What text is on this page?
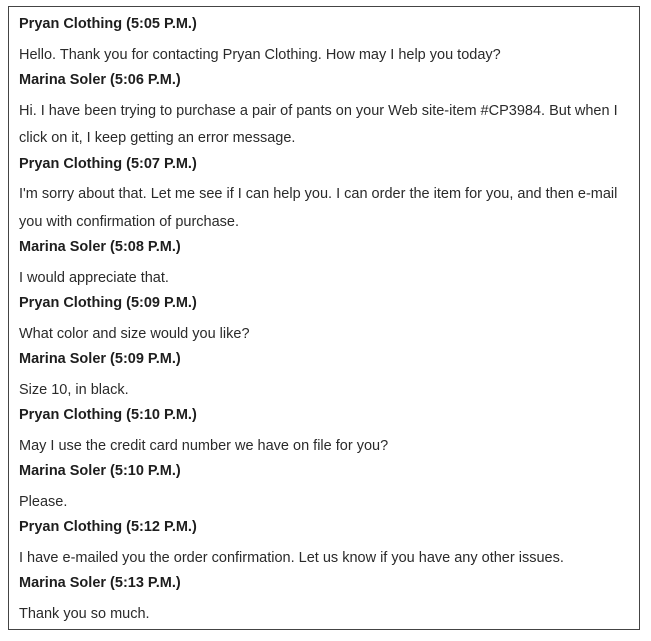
Pryan Clothing (5:05 P.M.)
Hello. Thank you for contacting Pryan Clothing. How may I help you today?
Marina Soler (5:06 P.M.)
Hi. I have been trying to purchase a pair of pants on your Web site-item #CP3984. But when I click on it, I keep getting an error message.
Pryan Clothing (5:07 P.M.)
I'm sorry about that. Let me see if I can help you. I can order the item for you, and then e-mail you with confirmation of purchase.
Marina Soler (5:08 P.M.)
I would appreciate that.
Pryan Clothing (5:09 P.M.)
What color and size would you like?
Marina Soler (5:09 P.M.)
Size 10, in black.
Pryan Clothing (5:10 P.M.)
May I use the credit card number we have on file for you?
Marina Soler (5:10 P.M.)
Please.
Pryan Clothing (5:12 P.M.)
I have e-mailed you the order confirmation. Let us know if you have any other issues.
Marina Soler (5:13 P.M.)
Thank you so much.
